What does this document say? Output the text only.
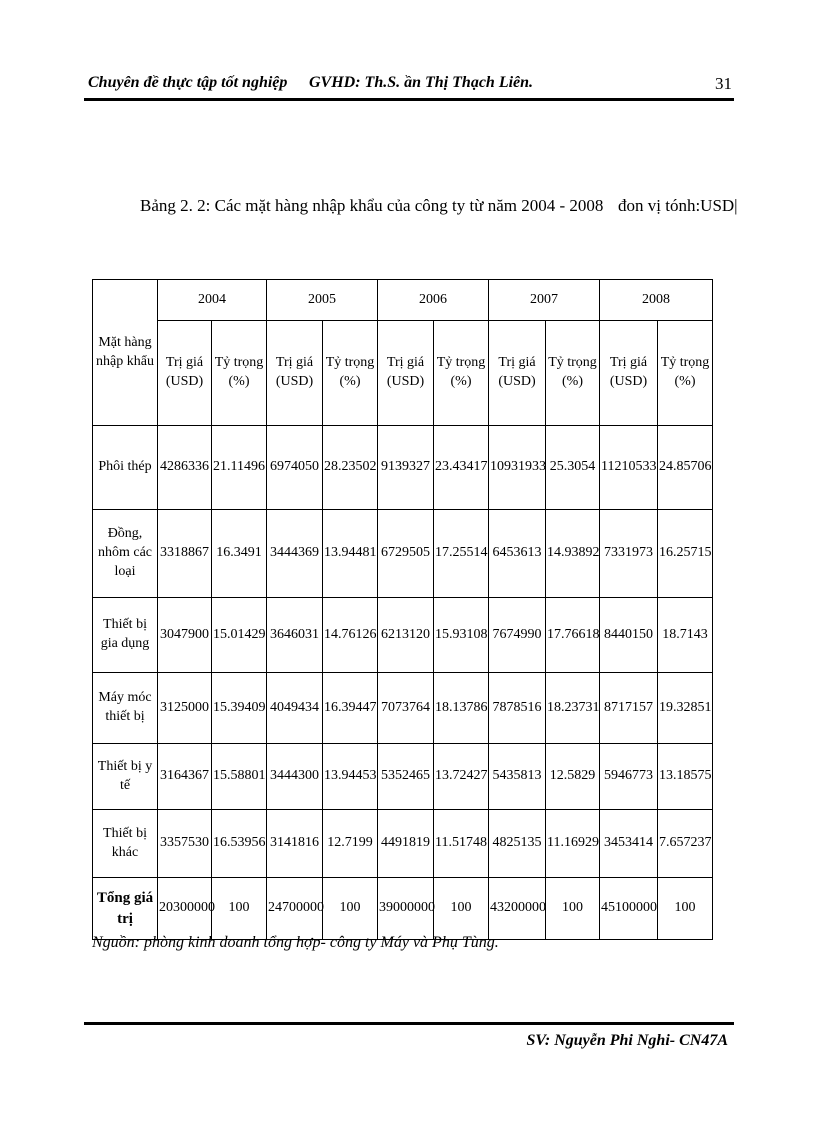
Chuyên đề thực tập tốt nghiệp GVHD: Th.S. ần Thị Thạch Liên.	31
Bảng 2. 2: Các mặt hàng nhập khẩu của công ty từ năm 2004 - 2008 đon vị tónh:USD|
Mặt hàng nhập khẩu	2004		2005		2006		2007		2008	
	Trị giá (USD)	Tỷ trọng (%)	Trị giá (USD)	Tỷ trọng (%)	Trị giá (USD)	Tỷ trọng (%)	Trị giá (USD)	Tỷ trọng (%)	Trị giá (USD)	Tỷ trọng (%)
Phôi thép	4286336	21.11496	6974050	28.23502	9139327	23.43417	10931933	25.3054	11210533	24.85706
Đồng, nhôm các loại	3318867	16.3491	3444369	13.94481	6729505	17.25514	6453613	14.93892	7331973	16.25715
Thiết bị gia dụng	3047900	15.01429	3646031	14.76126	6213120	15.93108	7674990	17.76618	8440150	18.7143
Máy móc thiết bị	3125000	15.39409	4049434	16.39447	7073764	18.13786	7878516	18.23731	8717157	19.32851
Thiết bị y tế	3164367	15.58801	3444300	13.94453	5352465	13.72427	5435813	12.5829	5946773	13.18575
Thiết bị khác	3357530	16.53956	3141816	12.7199	4491819	11.51748	4825135	11.16929	3453414	7.657237
Tổng giá trị	20300000	100	24700000	100	39000000	100	43200000	100	45100000	100
Nguồn: phòng kinh doanh tổng hợp- công ty Máy và Phụ Tùng.
SV: Nguyễn Phi Nghi- CN47A
